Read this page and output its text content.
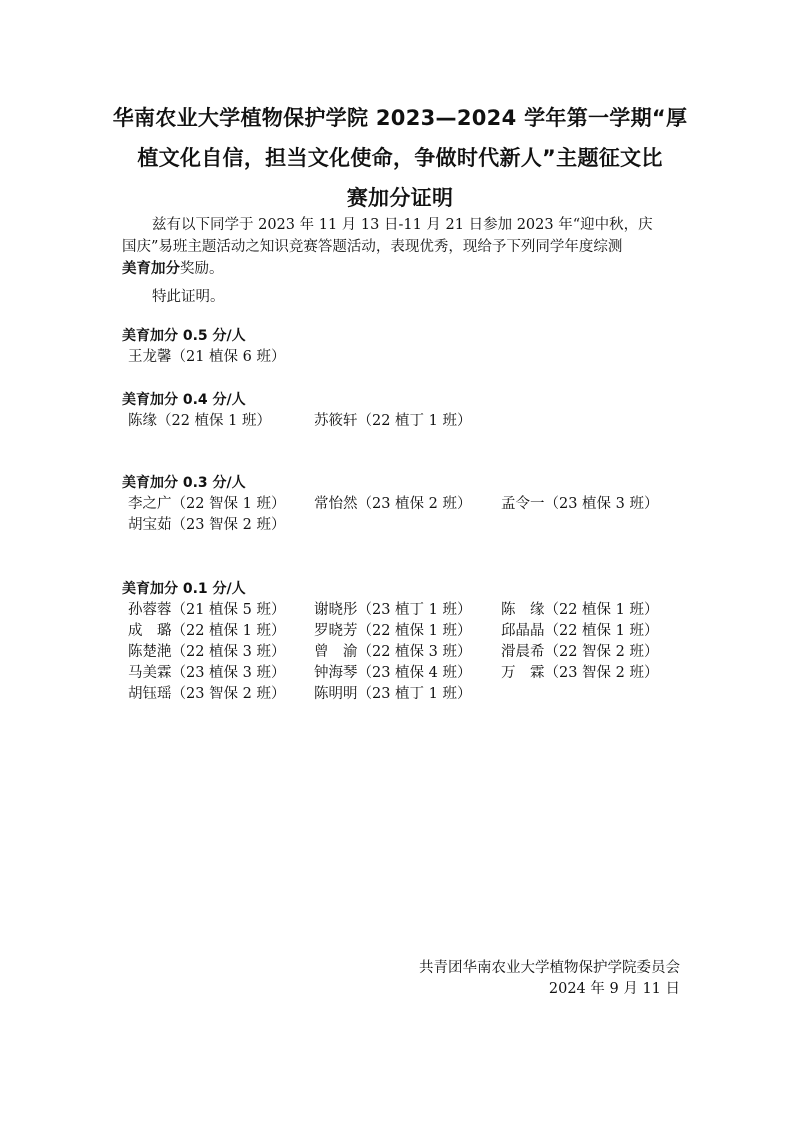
华南农业大学植物保护学院 2023—2024 学年第一学期“厚
植文化自信，担当文化使命，争做时代新人”主题征文比
赛加分证明
兹有以下同学于 2023 年 11 月 13 日-11 月 21 日参加 2023 年“迎中秋，庆
国庆”易班主题活动之知识竞赛答题活动，表现优秀，现给予下列同学年度综测
美育加分奖励。
特此证明。
美育加分 0.5 分/人
王龙馨（21 植保 6 班）
美育加分 0.4 分/人
陈缘（22 植保 1 班）	苏筱轩（22 植丁 1 班）
美育加分 0.3 分/人
李之广（22 智保 1 班）	常怡然（23 植保 2 班）	孟令一（23 植保 3 班）
胡宝茹（23 智保 2 班）
美育加分 0.1 分/人
孙蓉蓉（21 植保 5 班）	谢晓彤（23 植丁 1 班）	陈　缘（22 植保 1 班）
成　璐（22 植保 1 班）	罗晓芳（22 植保 1 班）	邱晶晶（22 植保 1 班）
陈楚滟（22 植保 3 班）	曾　渝（22 植保 3 班）	滑晨希（22 智保 2 班）
马美霖（23 植保 3 班）	钟海琴（23 植保 4 班）	万　霖（23 智保 2 班）
胡钰瑶（23 智保 2 班）	陈明明（23 植丁 1 班）
共青团华南农业大学植物保护学院委员会
2024 年 9 月 11 日
